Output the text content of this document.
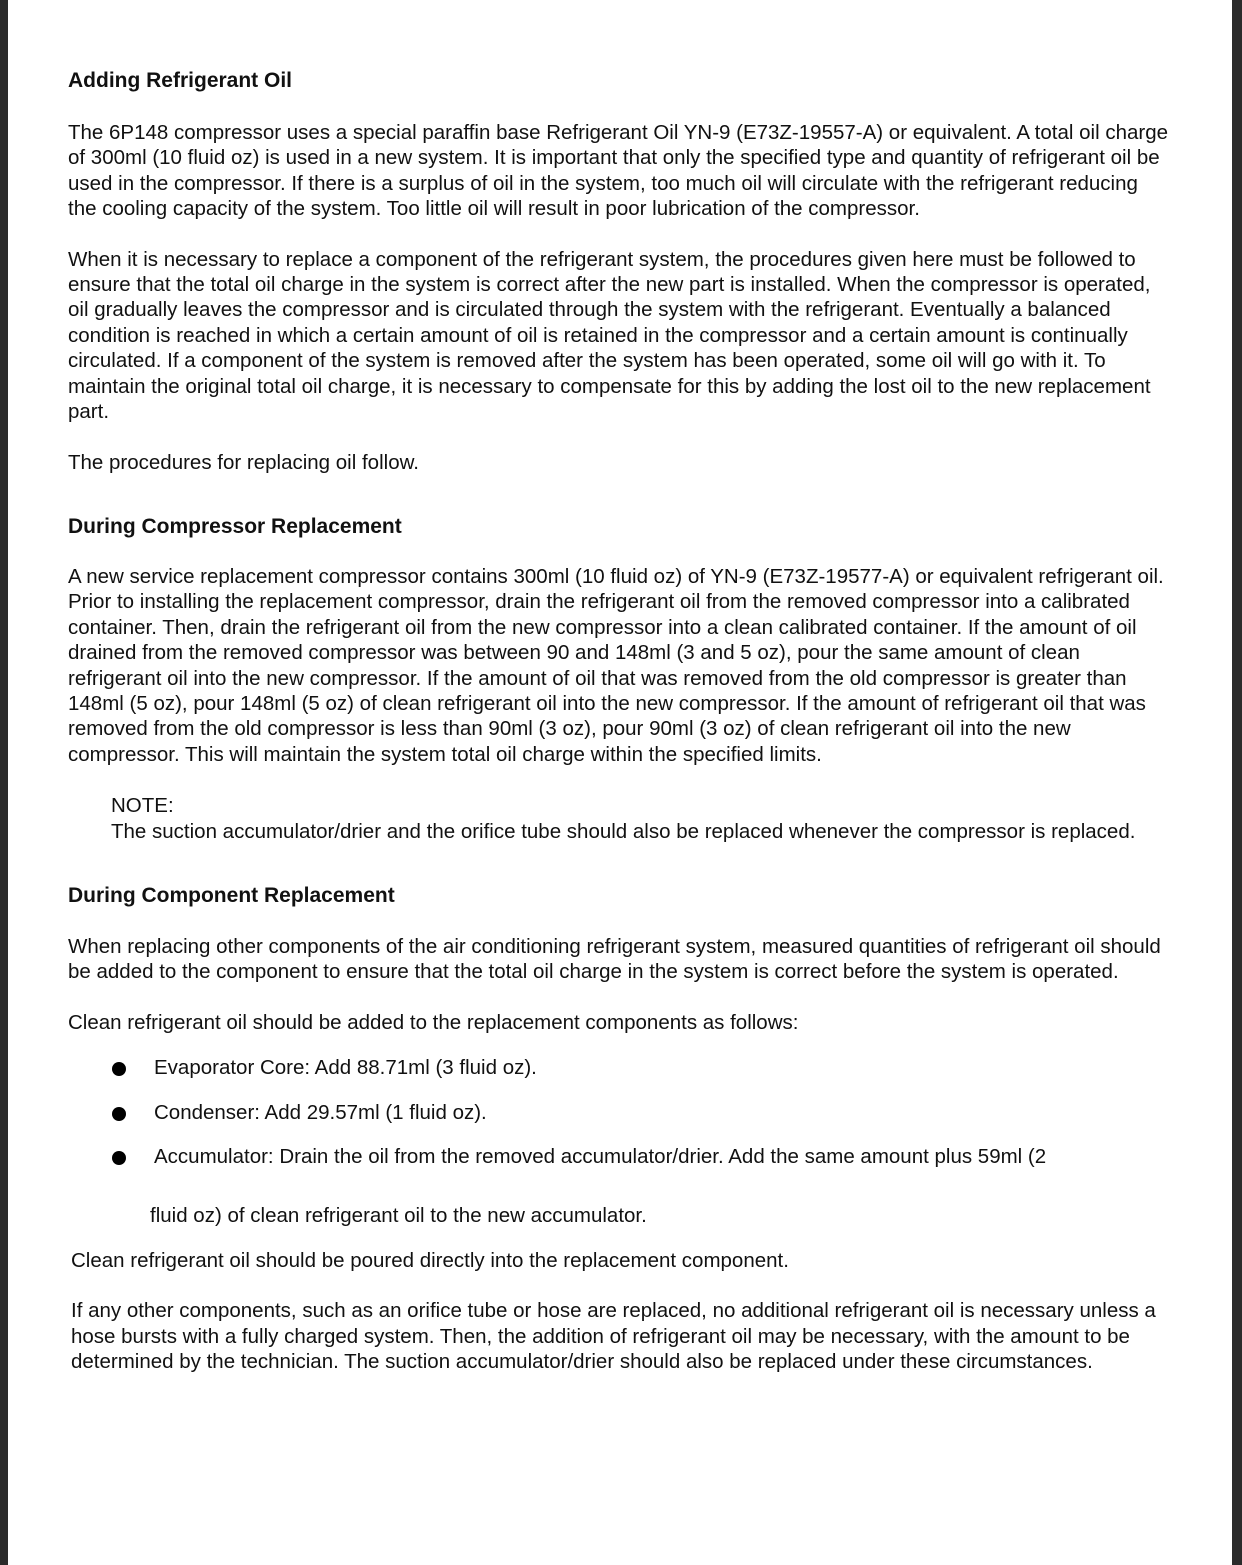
Adding Refrigerant Oil

The 6P148 compressor uses a special paraffin base Refrigerant Oil YN-9 (E73Z-19557-A) or equivalent. A total oil charge of 300ml (10 fluid oz) is used in a new system. It is important that only the specified type and quantity of refrigerant oil be used in the compressor. If there is a surplus of oil in the system, too much oil will circulate with the refrigerant reducing the cooling capacity of the system. Too little oil will result in poor lubrication of the compressor.

When it is necessary to replace a component of the refrigerant system, the procedures given here must be followed to ensure that the total oil charge in the system is correct after the new part is installed. When the compressor is operated, oil gradually leaves the compressor and is circulated through the system with the refrigerant. Eventually a balanced condition is reached in which a certain amount of oil is retained in the compressor and a certain amount is continually circulated. If a component of the system is removed after the system has been operated, some oil will go with it. To maintain the original total oil charge, it is necessary to compensate for this by adding the lost oil to the new replacement part.

The procedures for replacing oil follow.

During Compressor Replacement

A new service replacement compressor contains 300ml (10 fluid oz) of YN-9 (E73Z-19577-A) or equivalent refrigerant oil. Prior to installing the replacement compressor, drain the refrigerant oil from the removed compressor into a calibrated container. Then, drain the refrigerant oil from the new compressor into a clean calibrated container. If the amount of oil drained from the removed compressor was between 90 and 148ml (3 and 5 oz), pour the same amount of clean refrigerant oil into the new compressor. If the amount of oil that was removed from the old compressor is greater than 148ml (5 oz), pour 148ml (5 oz) of clean refrigerant oil into the new compressor. If the amount of refrigerant oil that was removed from the old compressor is less than 90ml (3 oz), pour 90ml (3 oz) of clean refrigerant oil into the new compressor. This will maintain the system total oil charge within the specified limits.

NOTE:
The suction accumulator/drier and the orifice tube should also be replaced whenever the compressor is replaced.
During Component Replacement

When replacing other components of the air conditioning refrigerant system, measured quantities of refrigerant oil should be added to the component to ensure that the total oil charge in the system is correct before the system is operated.

Clean refrigerant oil should be added to the replacement components as follows:

Evaporator Core: Add 88.71ml (3 fluid oz).
Condenser: Add 29.57ml (1 fluid oz).
Accumulator: Drain the oil from the removed accumulator/drier. Add the same amount plus 59ml (2
fluid oz) of clean refrigerant oil to the new accumulator.

Clean refrigerant oil should be poured directly into the replacement component.

If any other components, such as an orifice tube or hose are replaced, no additional refrigerant oil is necessary unless a hose bursts with a fully charged system. Then, the addition of refrigerant oil may be necessary, with the amount to be determined by the technician. The suction accumulator/drier should also be replaced under these circumstances.
